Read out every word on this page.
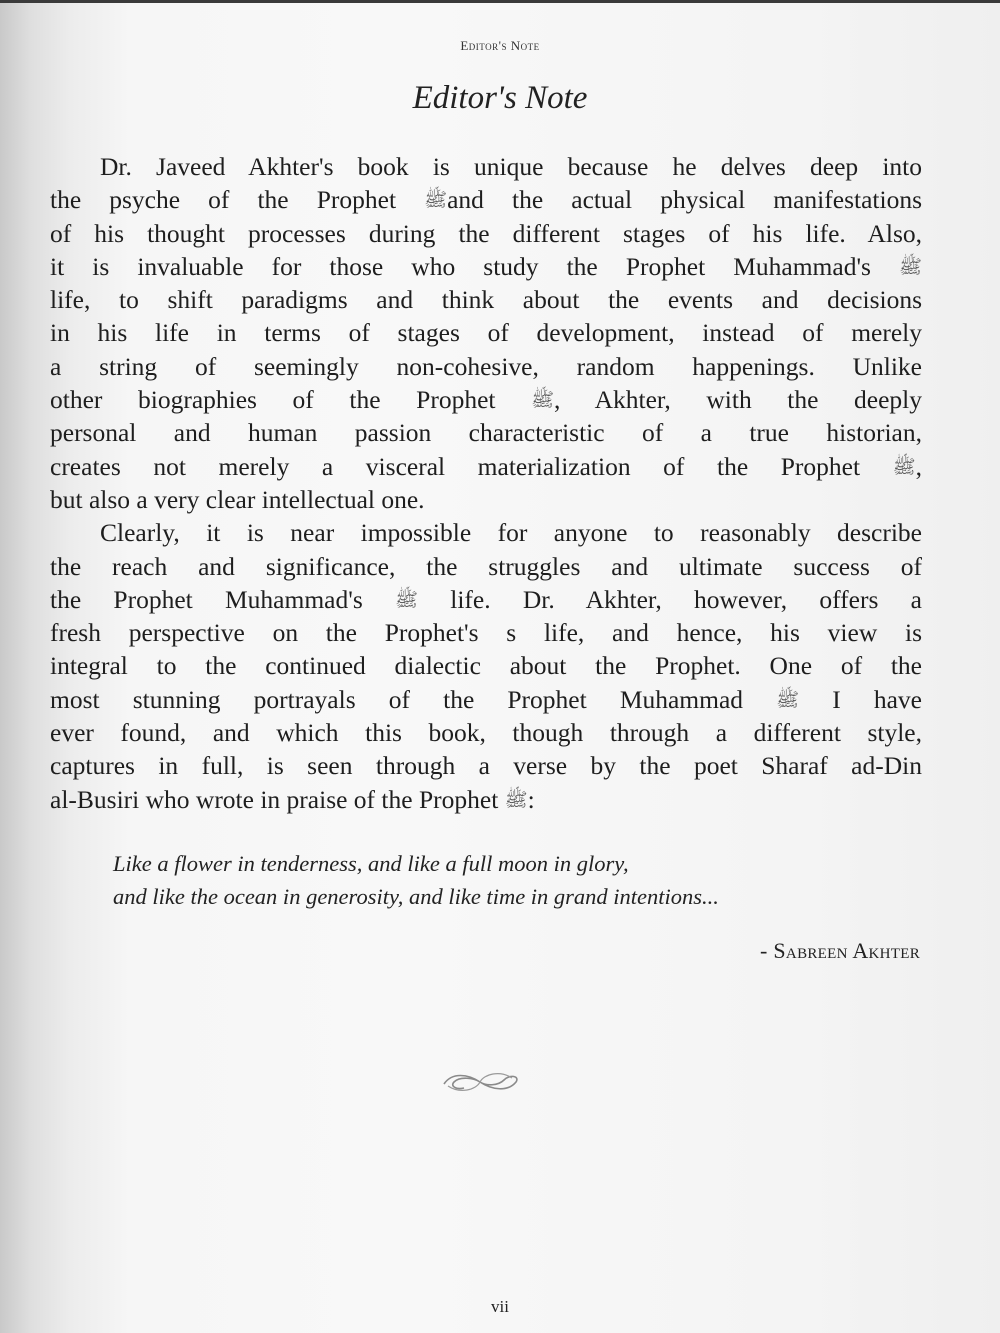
Editor's Note
Editor's Note
Dr. Javeed Akhter's book is unique because he delves deep into
the psyche of the Prophet ﷺand the actual physical manifestations
of his thought processes during the different stages of his life. Also,
it is invaluable for those who study the Prophet Muhammad's ﷺ
life, to shift paradigms and think about the events and decisions
in his life in terms of stages of development, instead of merely
a string of seemingly non-cohesive, random happenings. Unlike
other biographies of the Prophet ﷺ, Akhter, with the deeply
personal and human passion characteristic of a true historian,
creates not merely a visceral materialization of the Prophet ﷺ,
but also a very clear intellectual one.
Clearly, it is near impossible for anyone to reasonably describe
the reach and significance, the struggles and ultimate success of
the Prophet Muhammad's ﷺ life. Dr. Akhter, however, offers a
fresh perspective on the Prophet's s life, and hence, his view is
integral to the continued dialectic about the Prophet. One of the
most stunning portrayals of the Prophet Muhammad ﷺ I have
ever found, and which this book, though through a different style,
captures in full, is seen through a verse by the poet Sharaf ad-Din
al-Busiri who wrote in praise of the Prophet ﷺ:
Like a flower in tenderness, and like a full moon in glory,
and like the ocean in generosity, and like time in grand intentions...
- Sabreen Akhter
vii
